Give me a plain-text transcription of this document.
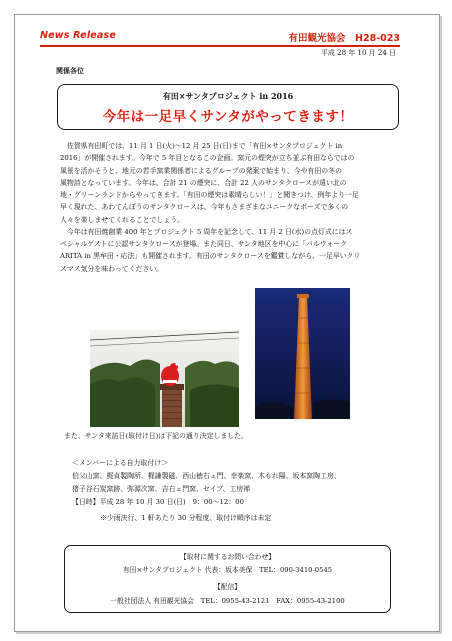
News Release	有田観光協会　H28-023
平成 28 年 10 月 24 日
関係各位
有田×サンタプロジェクト in 2016
今年は一足早くサンタがやってきます！
佐賀県有田町では、11 月 1 日(火)～12 月 25 日(日)まで「有田×サンタプロジェクト in
2016」が開催されます。今年で 5 年目となるこの企画。窯元の煙突が立ち並ぶ有田ならではの
風景を活かそうと、地元の若手窯業関係者によるグループの発案で始まり、今や有田の冬の
風物詩となっています。今年は、合計 21 の煙突に、合計 22 人のサンタクロースが遠い北の
地・グリーンランドからやってきます。「有田の煙突は素晴らしい！」と聞きつけ、例年より一足
早く現れた、あわてんぼうのサンタクロースは、今年もさまざまなユニークなポーズで多くの
人々を楽しませてくれることでしょう。
今年は有田焼創業 400 年とプロジェクト 5 周年を記念して、11 月 2 日(水)の点灯式にはス
ペシャルゲストに公認サンタクロースが登場。また同日、サンタ地区を中心に「バルウォーク
ARITA in 黒牟田・応法」も開催されます。有田のサンタクロースを鑑賞しながら、一足早いクリ
スマス気分を味わってください。
また、サンタ来訪日(取付け日)は下記の通り決定しました。
＜メンバーによる自力取付け＞
伯父山窯、梶貞製陶所、梶謙製磁、西山徳右ェ門、幸楽窯、木もれ陽、坂本窯陶工房、
猪子谷石炭窯跡、弥源次窯、吉右ェ門窯、セイブ、工房禅
【日時】平成 28 年 10 月 30 日(日)　9：00～12：00
※少雨決行、1 軒あたり 30 分程度、取付け順序は未定
【取材に関するお問い合わせ】
有田×サンタプロジェクト 代表：坂本美保　TEL：090-3410-0545
【配信】
一般社団法人 有田観光協会　TEL：0955-43-2121　FAX：0955-43-2100
